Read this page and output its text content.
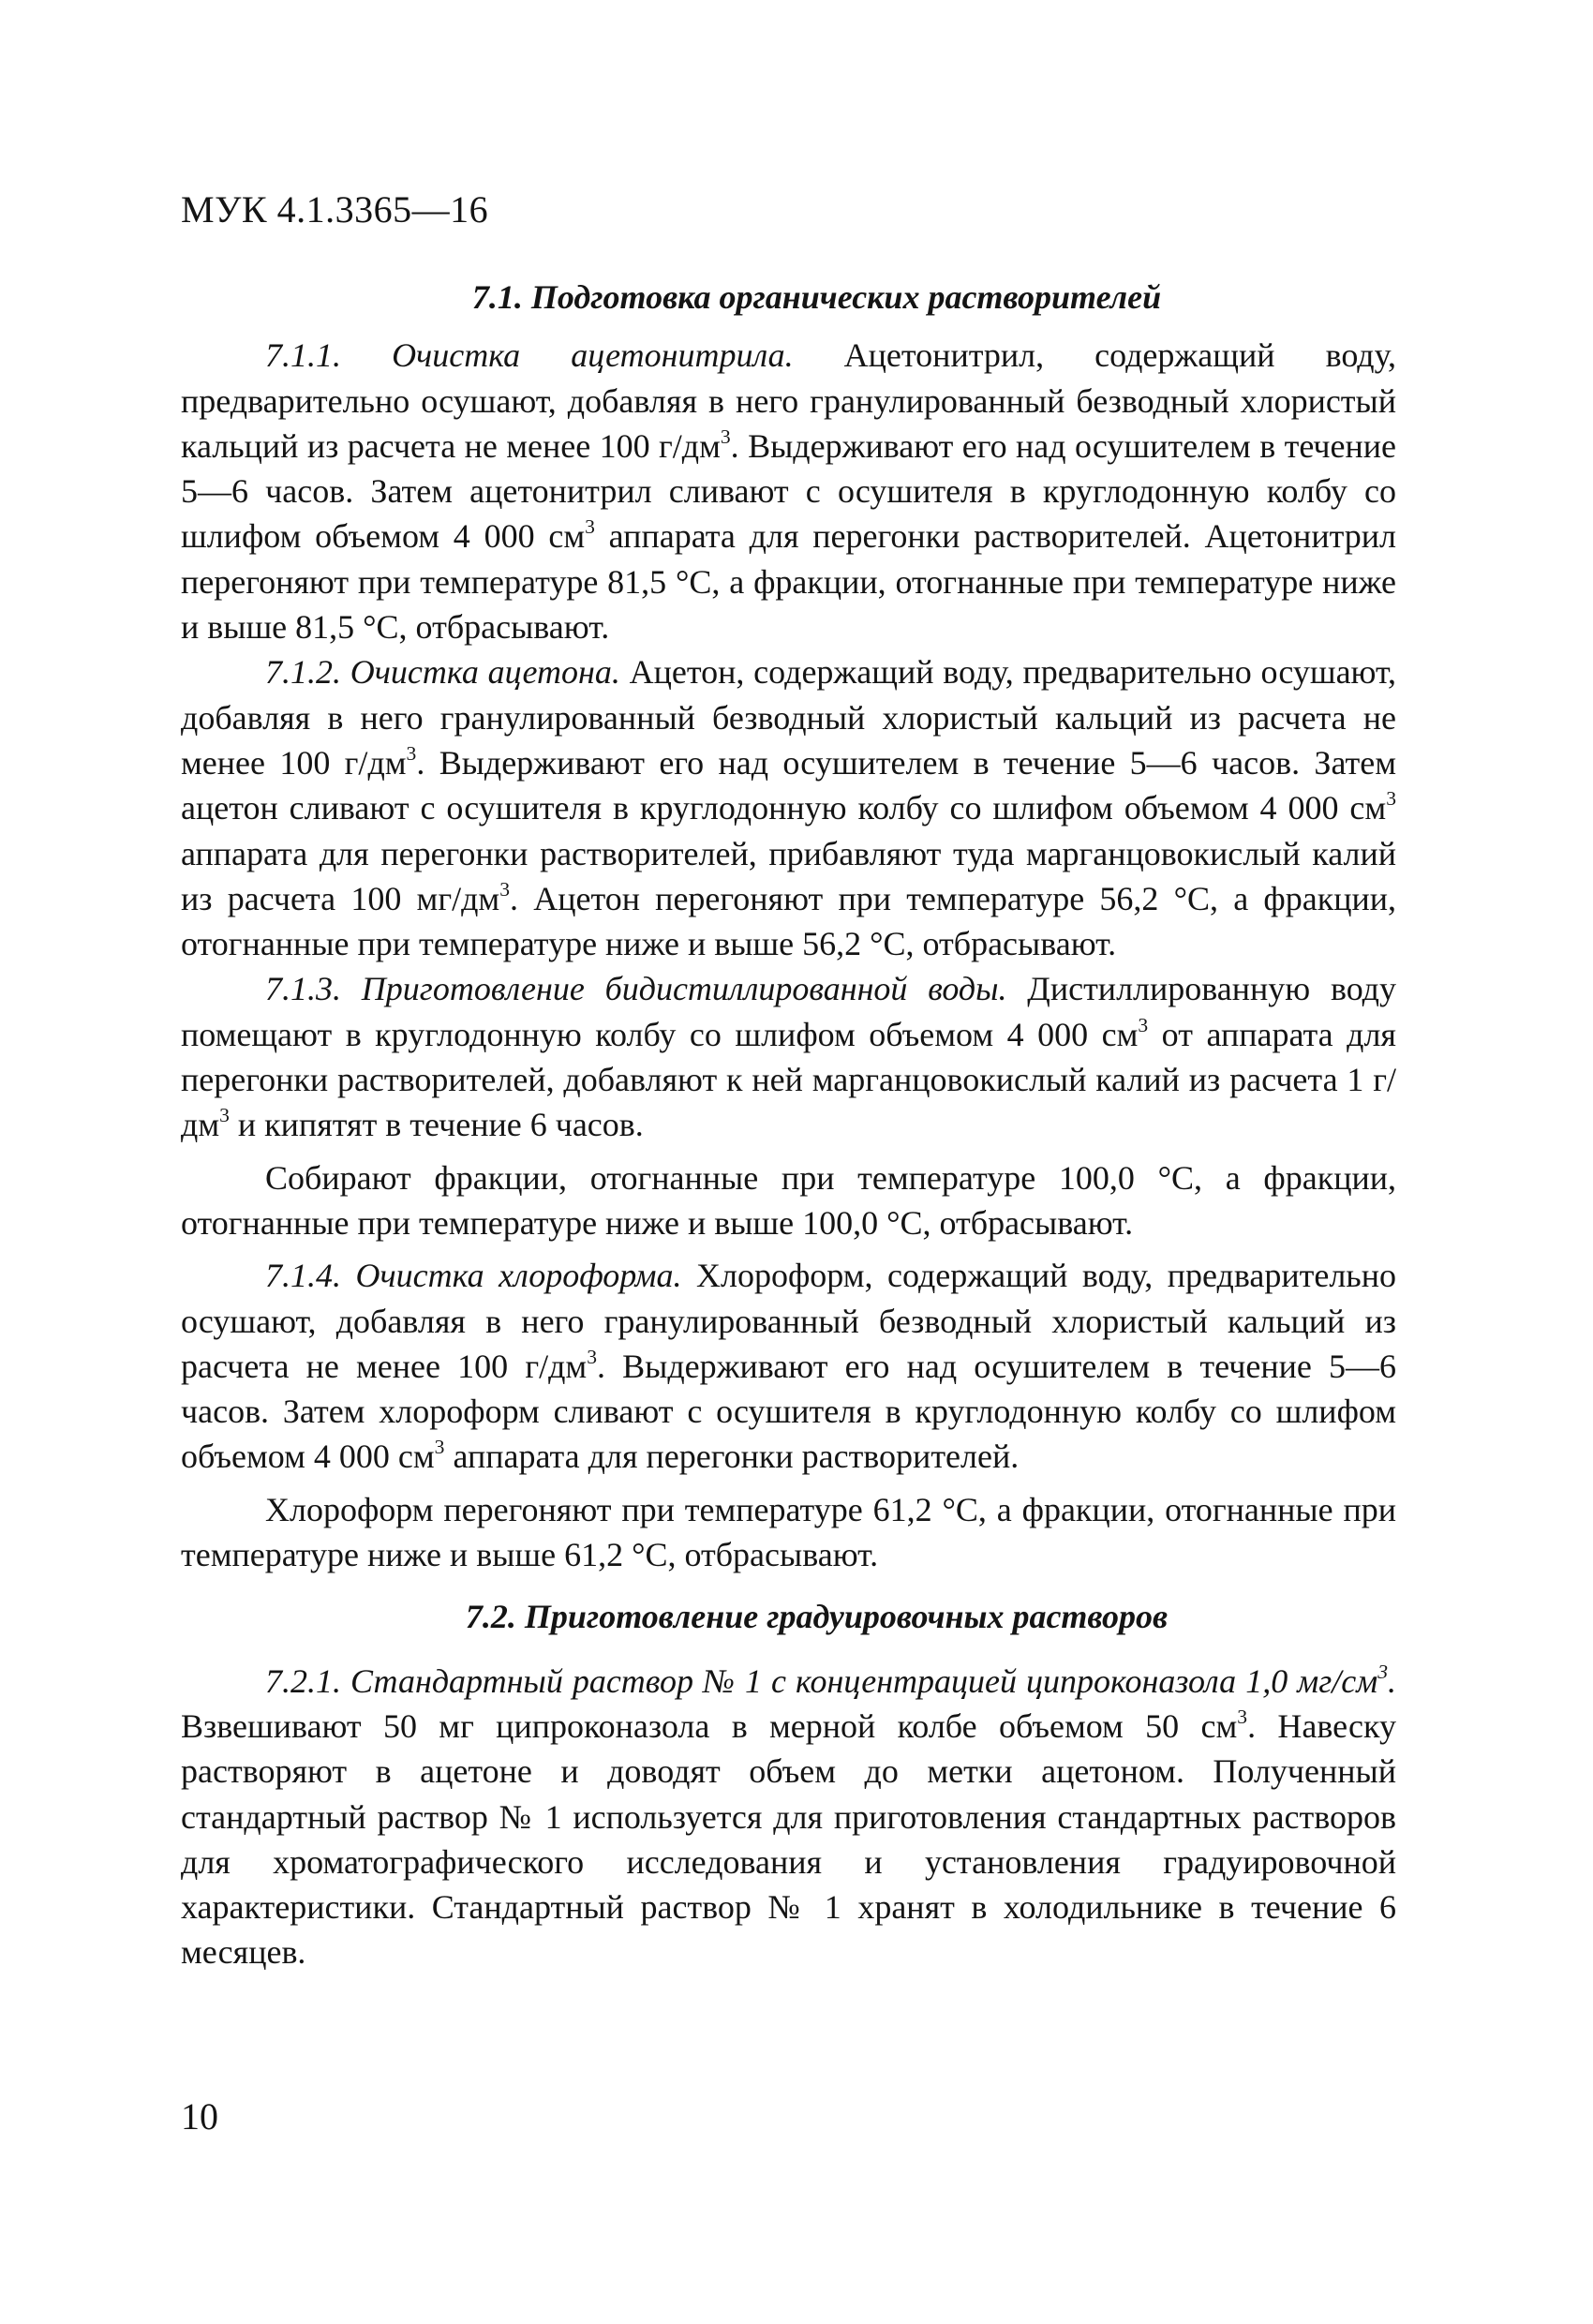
МУК 4.1.3365—16

7.1. Подготовка органических растворителей

7.1.1. Очистка ацетонитрила. Ацетонитрил, содержащий воду, предварительно осушают, добавляя в него гранулированный безводный хлористый кальций из расчета не менее 100 $г/дм^3$. Выдерживают его над осушителем в течение 5—6 часов. Затем ацетонитрил сливают с осушителя в круглодонную колбу со шлифом объемом 4 000 $см^3$ аппарата для перегонки растворителей. Ацетонитрил перегоняют при температуре 81,5 °С, а фракции, отогнанные при температуре ниже и выше 81,5 °С, отбрасывают.

7.1.2. Очистка ацетона. Ацетон, содержащий воду, предварительно осушают, добавляя в него гранулированный безводный хлористый кальций из расчета не менее 100 $г/дм^3$. Выдерживают его над осушителем в течение 5—6 часов. Затем ацетон сливают с осушителя в круглодонную колбу со шлифом объемом 4 000 $см^3$ аппарата для перегонки растворителей, прибавляют туда марганцовокислый калий из расчета 100 $мг/дм^3$. Ацетон перегоняют при температуре 56,2 °С, а фракции, отогнанные при температуре ниже и выше 56,2 °С, отбрасывают.

7.1.3. Приготовление бидистиллированной воды. Дистиллированную воду помещают в круглодонную колбу со шлифом объемом 4 000 $см^3$ от аппарата для перегонки растворителей, добавляют к ней марганцовокислый калий из расчета 1 $г/дм^3$ и кипятят в течение 6 часов.

Собирают фракции, отогнанные при температуре 100,0 °С, а фракции, отогнанные при температуре ниже и выше 100,0 °С, отбрасывают.

7.1.4. Очистка хлороформа. Хлороформ, содержащий воду, предварительно осушают, добавляя в него гранулированный безводный хлористый кальций из расчета не менее 100 $г/дм^3$. Выдерживают его над осушителем в течение 5—6 часов. Затем хлороформ сливают с осушителя в круглодонную колбу со шлифом объемом 4 000 $см^3$ аппарата для перегонки растворителей.

Хлороформ перегоняют при температуре 61,2 °С, а фракции, отогнанные при температуре ниже и выше 61,2 °С, отбрасывают.

7.2. Приготовление градуировочных растворов

7.2.1. Стандартный раствор № 1 с концентрацией ципроконазола 1,0 $мг/см^3$. Взвешивают 50 мг ципроконазола в мерной колбе объемом 50 $см^3$. Навеску растворяют в ацетоне и доводят объем до метки ацетоном. Полученный стандартный раствор № 1 используется для приготовления стандартных растворов для хроматографического исследования и установления градуировочной характеристики. Стандартный раствор № 1 хранят в холодильнике в течение 6 месяцев.

10
